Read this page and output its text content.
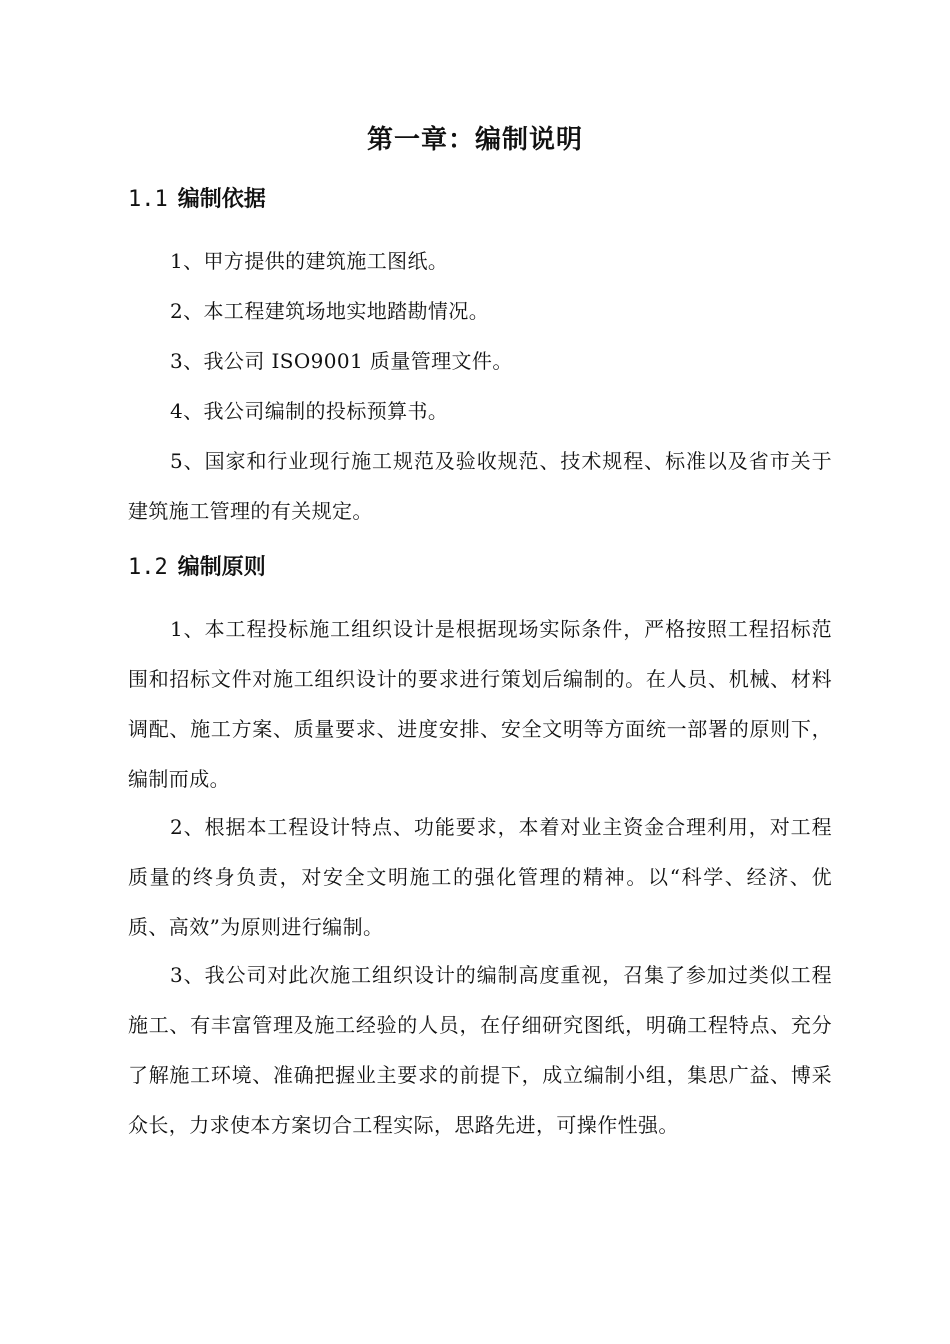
第一章：编制说明
1.1 编制依据

1、甲方提供的建筑施工图纸。

2、本工程建筑场地实地踏勘情况。

3、我公司 ISO9001 质量管理文件。

4、我公司编制的投标预算书。

5、国家和行业现行施工规范及验收规范、技术规程、标准以及省市关于建筑施工管理的有关规定。

1.2 编制原则

1、本工程投标施工组织设计是根据现场实际条件，严格按照工程招标范围和招标文件对施工组织设计的要求进行策划后编制的。在人员、机械、材料调配、施工方案、质量要求、进度安排、安全文明等方面统一部署的原则下，编制而成。

2、根据本工程设计特点、功能要求，本着对业主资金合理利用，对工程质量的终身负责，对安全文明施工的强化管理的精神。以“科学、经济、优质、高效”为原则进行编制。

3、我公司对此次施工组织设计的编制高度重视，召集了参加过类似工程施工、有丰富管理及施工经验的人员，在仔细研究图纸，明确工程特点、充分了解施工环境、准确把握业主要求的前提下，成立编制小组，集思广益、博采众长，力求使本方案切合工程实际，思路先进，可操作性强。
